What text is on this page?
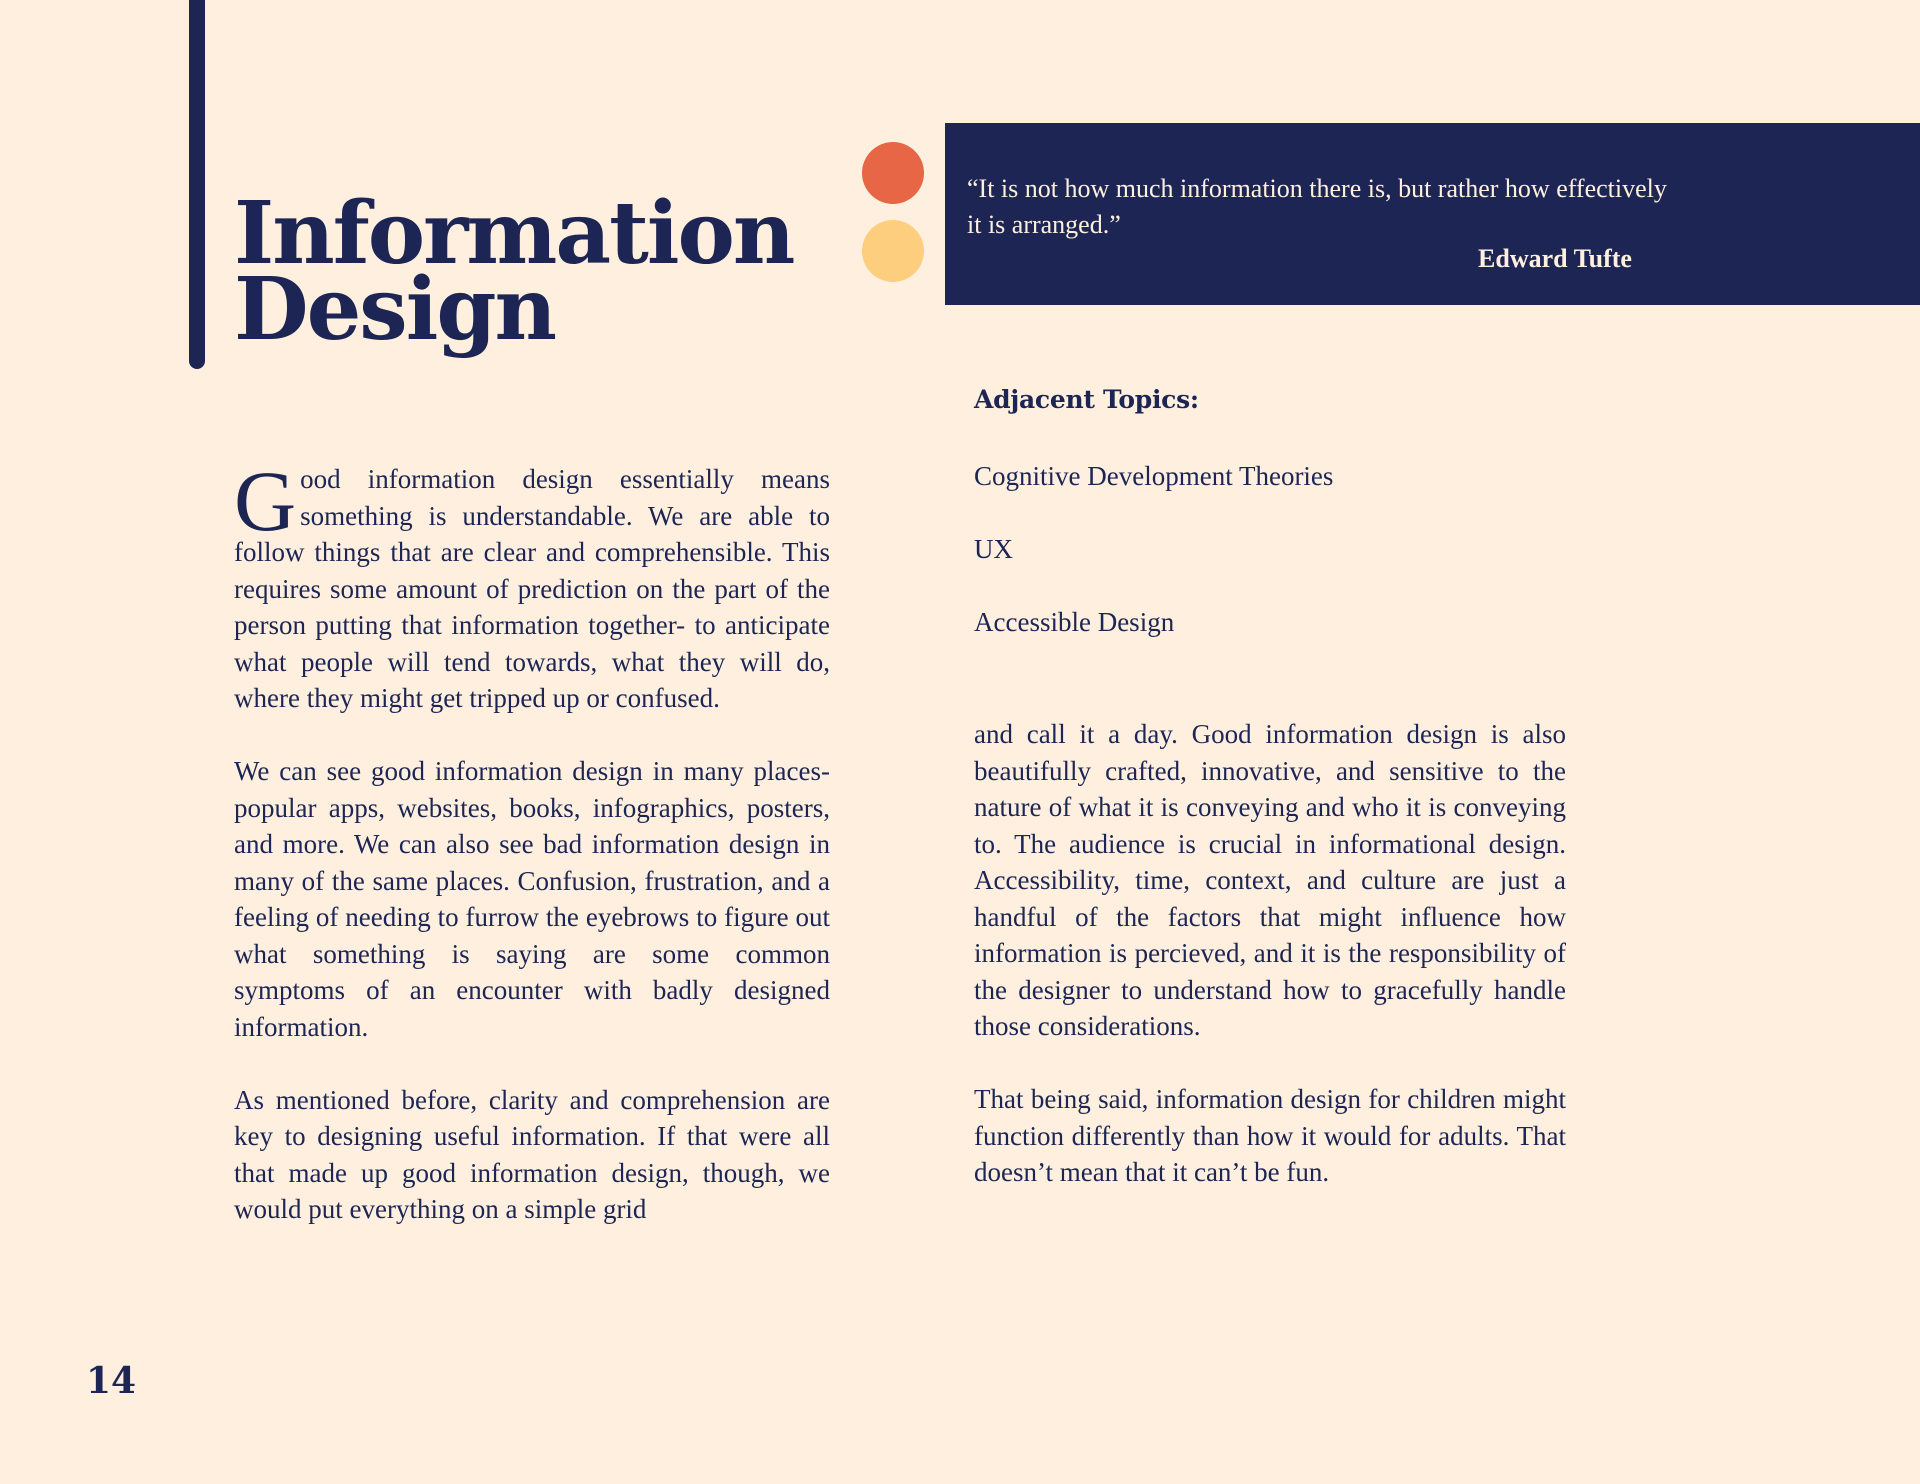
Information
Design
“It is not how much information there is, but rather how effectively it is arranged.”
Edward Tufte
Adjacent Topics:
Cognitive Development Theories
UX
Accessible Design

Good information design essentially means something is understandable. We are able to follow things that are clear and comprehensible. This requires some amount of prediction on the part of the person putting that information together- to anticipate what people will tend towards, what they will do, where they might get tripped up or confused.

We can see good information design in many places- popular apps, websites, books, infographics, posters, and more. We can also see bad information design in many of the same places. Confusion, frustration, and a feeling of needing to furrow the eyebrows to figure out what something is saying are some common symptoms of an encounter with badly designed information.

As mentioned before, clarity and comprehension are key to designing useful information. If that were all that made up good information design, though, we would put everything on a simple grid

and call it a day. Good information design is also beautifully crafted, innovative, and sensitive to the nature of what it is conveying and who it is conveying to. The audience is crucial in informational design. Accessibility, time, context, and culture are just a handful of the factors that might influence how information is percieved, and it is the responsibility of the designer to understand how to gracefully handle those considerations.

That being said, information design for children might function differently than how it would for adults. That doesn’t mean that it can’t be fun.

14
